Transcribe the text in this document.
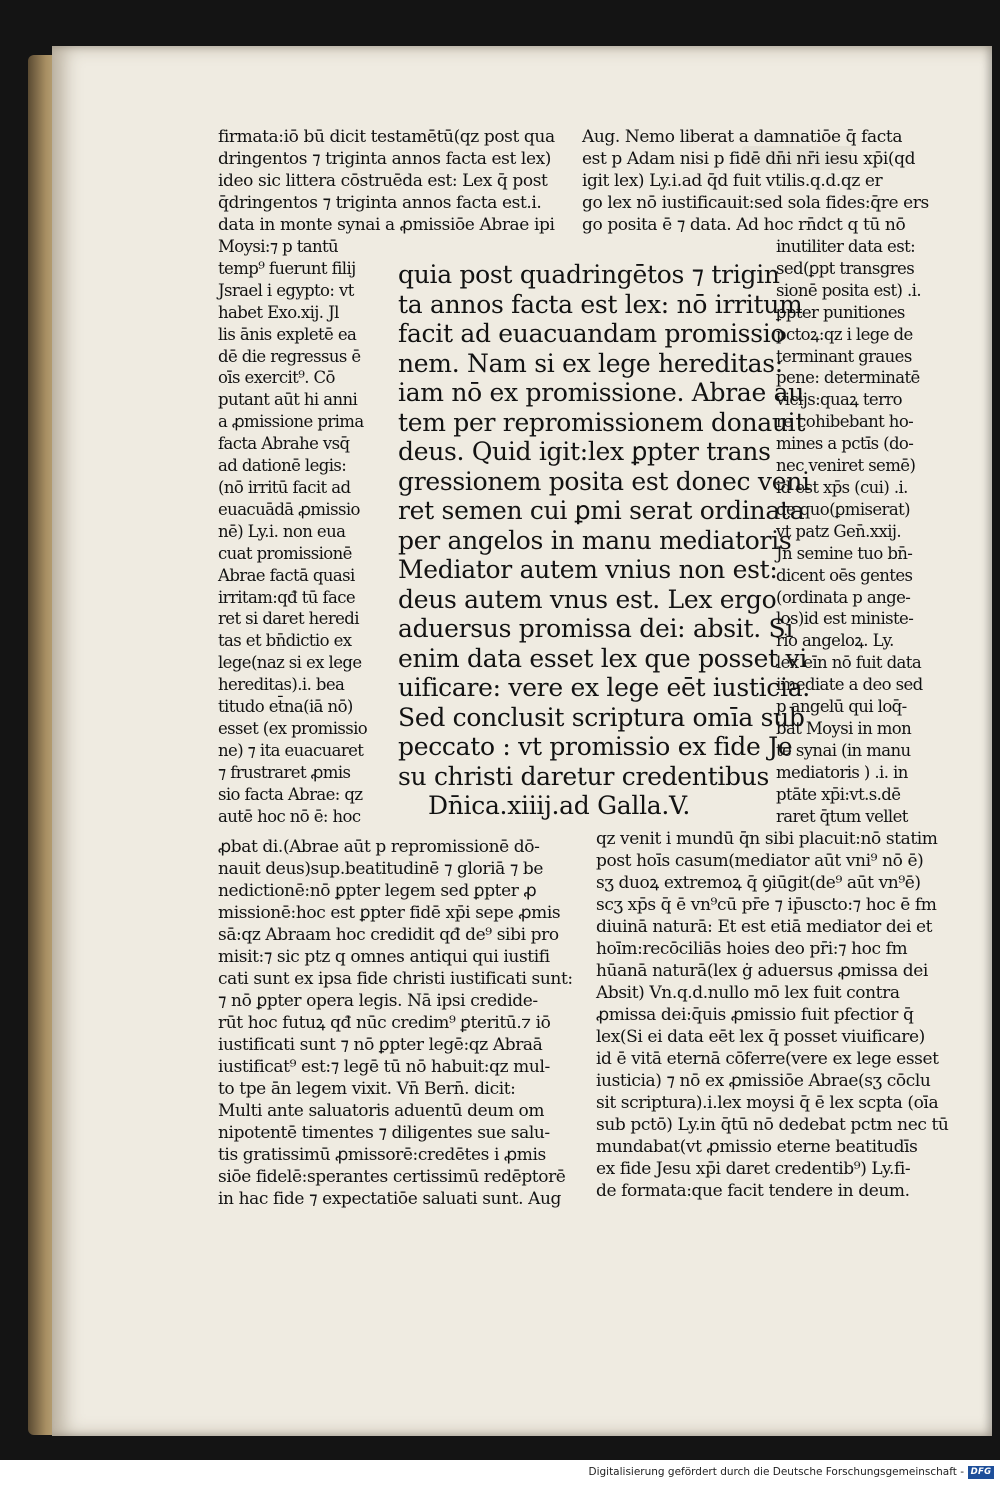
firmata:iō bū dicit testamētū(qz post qua
dringentos ⁊ triginta annos facta est lex)
ideo sic littera cōstruēda est: Lex q̄ post
q̄dringentos ⁊ triginta annos facta est.i.
data in monte synai a ꝓmissiōe Abrae ipi
Aug. Nemo liberat a damnatiōe q̄ facta
est p Adam nisi p fidē dn̄i nr̄i iesu xp̄i(qd
igit lex) Ly.i.ad q̄d fuit vtilis.q.d.qz er
go lex nō iustificauit:sed sola fides:q̄re ers
go posita ē ⁊ data. Ad hoc rn̄dct q tū nō
Moysi:⁊ p tantū
temp⁹ fuerunt filij
Jsrael i egypto: vt
habet Exo.xij. Jl
lis ānis expletē ea
dē die regressus ē
oīs exercit⁹. Cō
putant aūt hi anni
a ꝓmissione prima
facta Abrahe vsq̄
ad dationē legis:
(nō irritū facit ad
euacuādā ꝓmissio
nē) Ly.i. non eua
cuat promissionē
Abrae factā quasi
irritam:qđ tū face
ret si daret heredi
tas et bn̄dictio ex
lege(naz si ex lege
hereditas).i. bea
titudo et̄na(iā nō)
esset (ex promissio
ne) ⁊ ita euacuaret
⁊ frustraret ꝓmis
sio facta Abrae: qz
autē hoc nō ē: hoc
inutiliter data est:
sed(ꝑpt transgres
sionē posita est) .i.
ꝑpter punitiones
pctoꝝ:qz i lege de
terminant graues
pene: determinatē
vicijs:quaꝝ terro
re cohibebant ho-
mines a pctīs (do-
nec veniret semē)
id est xp̄s (cui) .i.
de quo(ꝑmiserat)
vt patz Gen̄.xxij.
Jn semine tuo bn̄-
dicent oēs gentes
(ordinata p ange-
los)id est ministe-
rio angeloꝝ. Ly.
lex eīn nō fuit data
imediate a deo sed
p angelū qui loq̄-
bat Moysi in mon
te synai (in manu
mediatoris ) .i. in
ptāte xp̄i:vt.s.dē
raret q̄tum vellet
quia post quadringētos ⁊ trigin
ta annos facta est lex: nō irritum
facit ad euacuandam promissio
nem. Nam si ex lege hereditas:
iam nō ex promissione. Abrae au
tem per repromissionem donauit
deus. Quid igit:lex ꝑpter trans
gressionem posita est donec veni
ret semen cui ꝑmi serat ordinata
per angelos in manu mediatoris
Mediator autem vnius non est:
deus autem vnus est. Lex ergo
aduersus promissa dei: absit. Si
enim data esset lex que posset vi
uificare: vere ex lege eēt iusticia.
Sed conclusit scriptura omīa sub
peccato : vt promissio ex fide Je
su christi daretur credentibus
Dn̄ica.xiiij.ad Galla.V.
ꝓbat di.(Abrae aūt p repromissionē dō-
nauit deus)sup.beatitudinē ⁊ gloriā ⁊ be
nedictionē:nō ꝑpter legem sed ꝑpter ꝓ
missionē:hoc est ꝑpter fidē xp̄i sepe ꝓmis
sā:qz Abraam hoc credidit qđ de⁹ sibi pro
misit:⁊ sic ptz q omnes antiqui qui iustifi
cati sunt ex ipsa fide christi iustificati sunt:
⁊ nō ꝑpter opera legis. Nā ipsi credide-
rūt hoc futuꝝ qđ nūc credim⁹ ꝑteritū.⁊ iō
iustificati sunt ⁊ nō ꝑpter legē:qz Abraā
iustificat⁹ est:⁊ legē tū nō habuit:qz mul-
to tpe ān legem vixit. Vn̄ Bern̄. dicit:
Multi ante saluatoris aduentū deum om
nipotentē timentes ⁊ diligentes sue salu-
tis gratissimū ꝓmissorē:credētes i ꝓmis
siōe fidelē:sperantes certissimū redēptorē
in hac fide ⁊ expectatiōe saluati sunt. Aug
qz venit i mundū q̄n sibi placuit:nō statim
post hoīs casum(mediator aūt vni⁹ nō ē)
sʒ duoꝝ extremoꝝ q̄ ꝯiūgit(de⁹ aūt vn⁹ē)
scʒ xp̄s q̄ ē vn⁹cū pr̄e ⁊ ip̄uscto:⁊ hoc ē fm
diuinā naturā: Et est etiā mediator dei et
hoīm:recōciliās hoies deo pr̄i:⁊ hoc fm
hūanā naturā(lex ġ aduersus ꝓmissa dei
Absit) Vn.q.d.nullo mō lex fuit contra
ꝓmissa dei:q̄uis ꝓmissio fuit pfectior q̄
lex(Si ei data eēt lex q̄ posset viuificare)
id ē vitā eternā cōferre(vere ex lege esset
iusticia) ⁊ nō ex ꝓmissiōe Abrae(sʒ cōclu
sit scriptura).i.lex moysi q̄ ē lex scpta (oīa
sub pctō) Ly.in q̄tū nō dedebat pctm nec tū
mundabat(vt ꝓmissio eterne beatitudīs
ex fide Jesu xp̄i daret credentib⁹) Ly.fi-
de formata:que facit tendere in deum.
Digitalisierung gefördert durch die Deutsche Forschungsgemeinschaft - DFG
